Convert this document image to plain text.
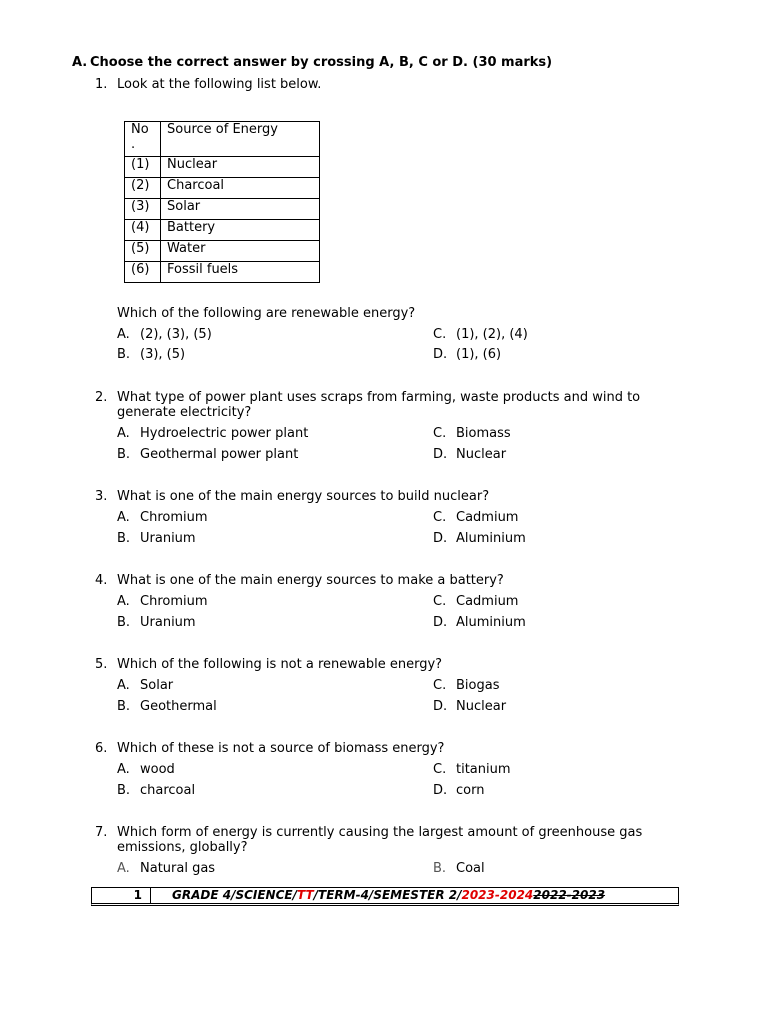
A. Choose the correct answer by crossing A, B, C or D. (30 marks)
1. Look at the following list below.
No
.	Source of Energy
(1)	Nuclear
(2)	Charcoal
(3)	Solar
(4)	Battery
(5)	Water
(6)	Fossil fuels
Which of the following are renewable energy?
A. (2), (3), (5)	C. (1), (2), (4)
B. (3), (5)	D. (1), (6)
2. What type of power plant uses scraps from farming, waste products and wind to generate electricity?
A. Hydroelectric power plant	C. Biomass
B. Geothermal power plant	D. Nuclear
3. What is one of the main energy sources to build nuclear?
A. Chromium	C. Cadmium
B. Uranium	D. Aluminium
4. What is one of the main energy sources to make a battery?
A. Chromium	C. Cadmium
B. Uranium	D. Aluminium
5. Which of the following is not a renewable energy?
A. Solar	C. Biogas
B. Geothermal	D. Nuclear
6. Which of these is not a source of biomass energy?
A. wood	C. titanium
B. charcoal	D. corn
7. Which form of energy is currently causing the largest amount of greenhouse gas emissions, globally?
A. Natural gas	B. Coal
1	GRADE 4/SCIENCE/TT/TERM-4/SEMESTER 2/2023-20242022-2023
